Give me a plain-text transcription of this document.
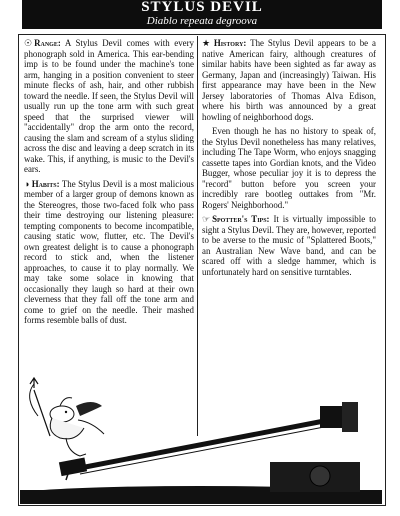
STYLUS DEVIL
Diablo repeata degroova

☉ Range: A Stylus Devil comes with every phonograph sold in America. This ear-bending imp is to be found under the machine's tone arm, hanging in a position convenient to steer minute flecks of ash, hair, and other rubbish toward the needle. If seen, the Stylus Devil will usually run up the tone arm with such great speed that the surprised viewer will "accidentally" drop the arm onto the record, causing the slam and scream of a stylus sliding across the disc and leaving a deep scratch in its wake. This, if anything, is music to the Devil's ears.

◑ Habits: The Stylus Devil is a most malicious member of a larger group of demons known as the Stereogres, those two-faced folk who pass their time destroying our listening pleasure: tempting components to become incompatible, causing static wow, flutter, etc. The Devil's own greatest delight is to cause a phonograph record to stick and, when the listener approaches, to cause it to play normally. We may take some solace in knowing that occasionally they laugh so hard at their own cleverness that they fall off the tone arm and come to grief on the needle. Their mashed forms resemble balls of dust.

★ History: The Stylus Devil appears to be a native American fairy, although creatures of similar habits have been sighted as far away as Germany, Japan and (increasingly) Taiwan. His first appearance may have been in the New Jersey laboratories of Thomas Alva Edison, where his birth was announced by a great howling of neighborhood dogs.

Even though he has no history to speak of, the Stylus Devil nonetheless has many relatives, including The Tape Worm, who enjoys snagging cassette tapes into Gordian knots, and the Video Bugger, whose peculiar joy it is to depress the "record" button before you screen your incredibly rare bootleg outtakes from "Mr. Rogers' Neighborhood."

☞ Spotter's Tips: It is virtually impossible to sight a Stylus Devil. They are, however, reported to be averse to the music of "Splattered Boots," an Australian New Wave band, and can be scared off with a sledge hammer, which is unfortunately hard on sensitive turntables.
